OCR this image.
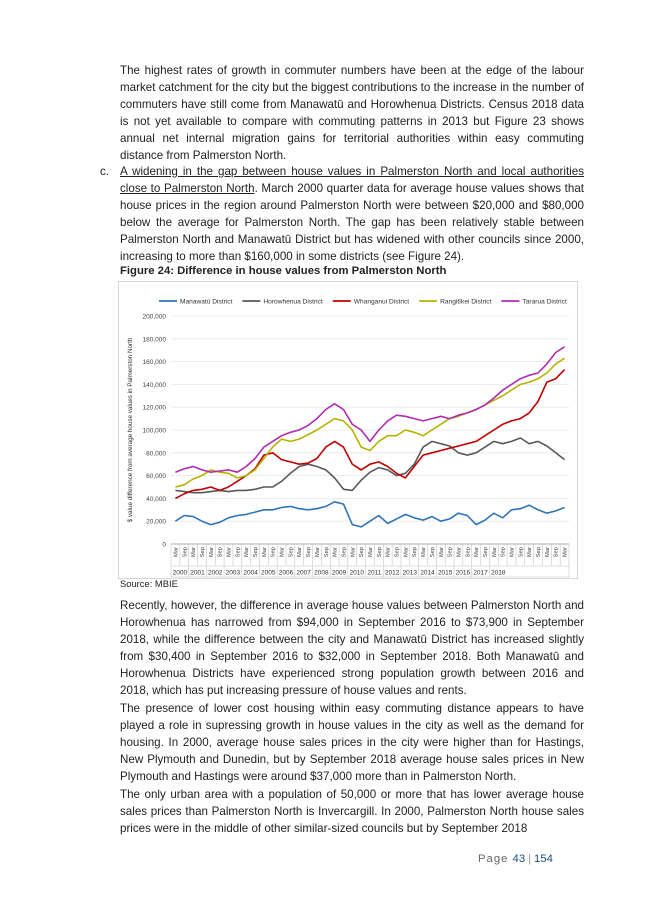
The highest rates of growth in commuter numbers have been at the edge of the labour market catchment for the city but the biggest contributions to the increase in the number of commuters have still come from Manawatū and Horowhenua Districts. Census 2018 data is not yet available to compare with commuting patterns in 2013 but Figure 23 shows annual net internal migration gains for territorial authorities within easy commuting distance from Palmerston North.

c. A widening in the gap between house values in Palmerston North and local authorities close to Palmerston North. March 2000 quarter data for average house values shows that house prices in the region around Palmerston North were between $20,000 and $80,000 below the average for Palmerston North. The gap has been relatively stable between Palmerston North and Manawatū District but has widened with other councils since 2000, increasing to more than $160,000 in some districts (see Figure 24).

Figure 24: Difference in house values from Palmerston North
0
20,000
40,000
60,000
80,000
100,000
120,000
140,000
160,000
180,000
200,000
$ value difference from average house values in Palmerston North
Mar Sep Mar Sep Mar Sep Mar Sep Mar Sep Mar Sep Mar Sep Mar Sep Mar Sep Mar Sep Mar Sep Mar Sep Mar Sep Mar Sep Mar Sep Mar Sep Mar Sep Mar Sep Mar Sep Mar Sep Mar Sep Mar Sep Mar
2000 2001 2002 2003 2004 2005 2006 2007 2008 2009 2010 2011 2012 2013 2014 2015 2016 2017 2018
Manawatū District	Horowhenua District	Whanganui District	Rangitīkei District	Tararua District
Source: MBIE

Recently, however, the difference in average house values between Palmerston North and Horowhenua has narrowed from $94,000 in September 2016 to $73,900 in September 2018, while the difference between the city and Manawatū District has increased slightly from $30,400 in September 2016 to $32,000 in September 2018. Both Manawatū and Horowhenua Districts have experienced strong population growth between 2016 and 2018, which has put increasing pressure of house values and rents.

The presence of lower cost housing within easy commuting distance appears to have played a role in supressing growth in house values in the city as well as the demand for housing. In 2000, average house sales prices in the city were higher than for Hastings, New Plymouth and Dunedin, but by September 2018 average house sales prices in New Plymouth and Hastings were around $37,000 more than in Palmerston North.

The only urban area with a population of 50,000 or more that has lower average house sales prices than Palmerston North is Invercargill. In 2000, Palmerston North house sales prices were in the middle of other similar-sized councils but by September 2018

Page 43 | 154
